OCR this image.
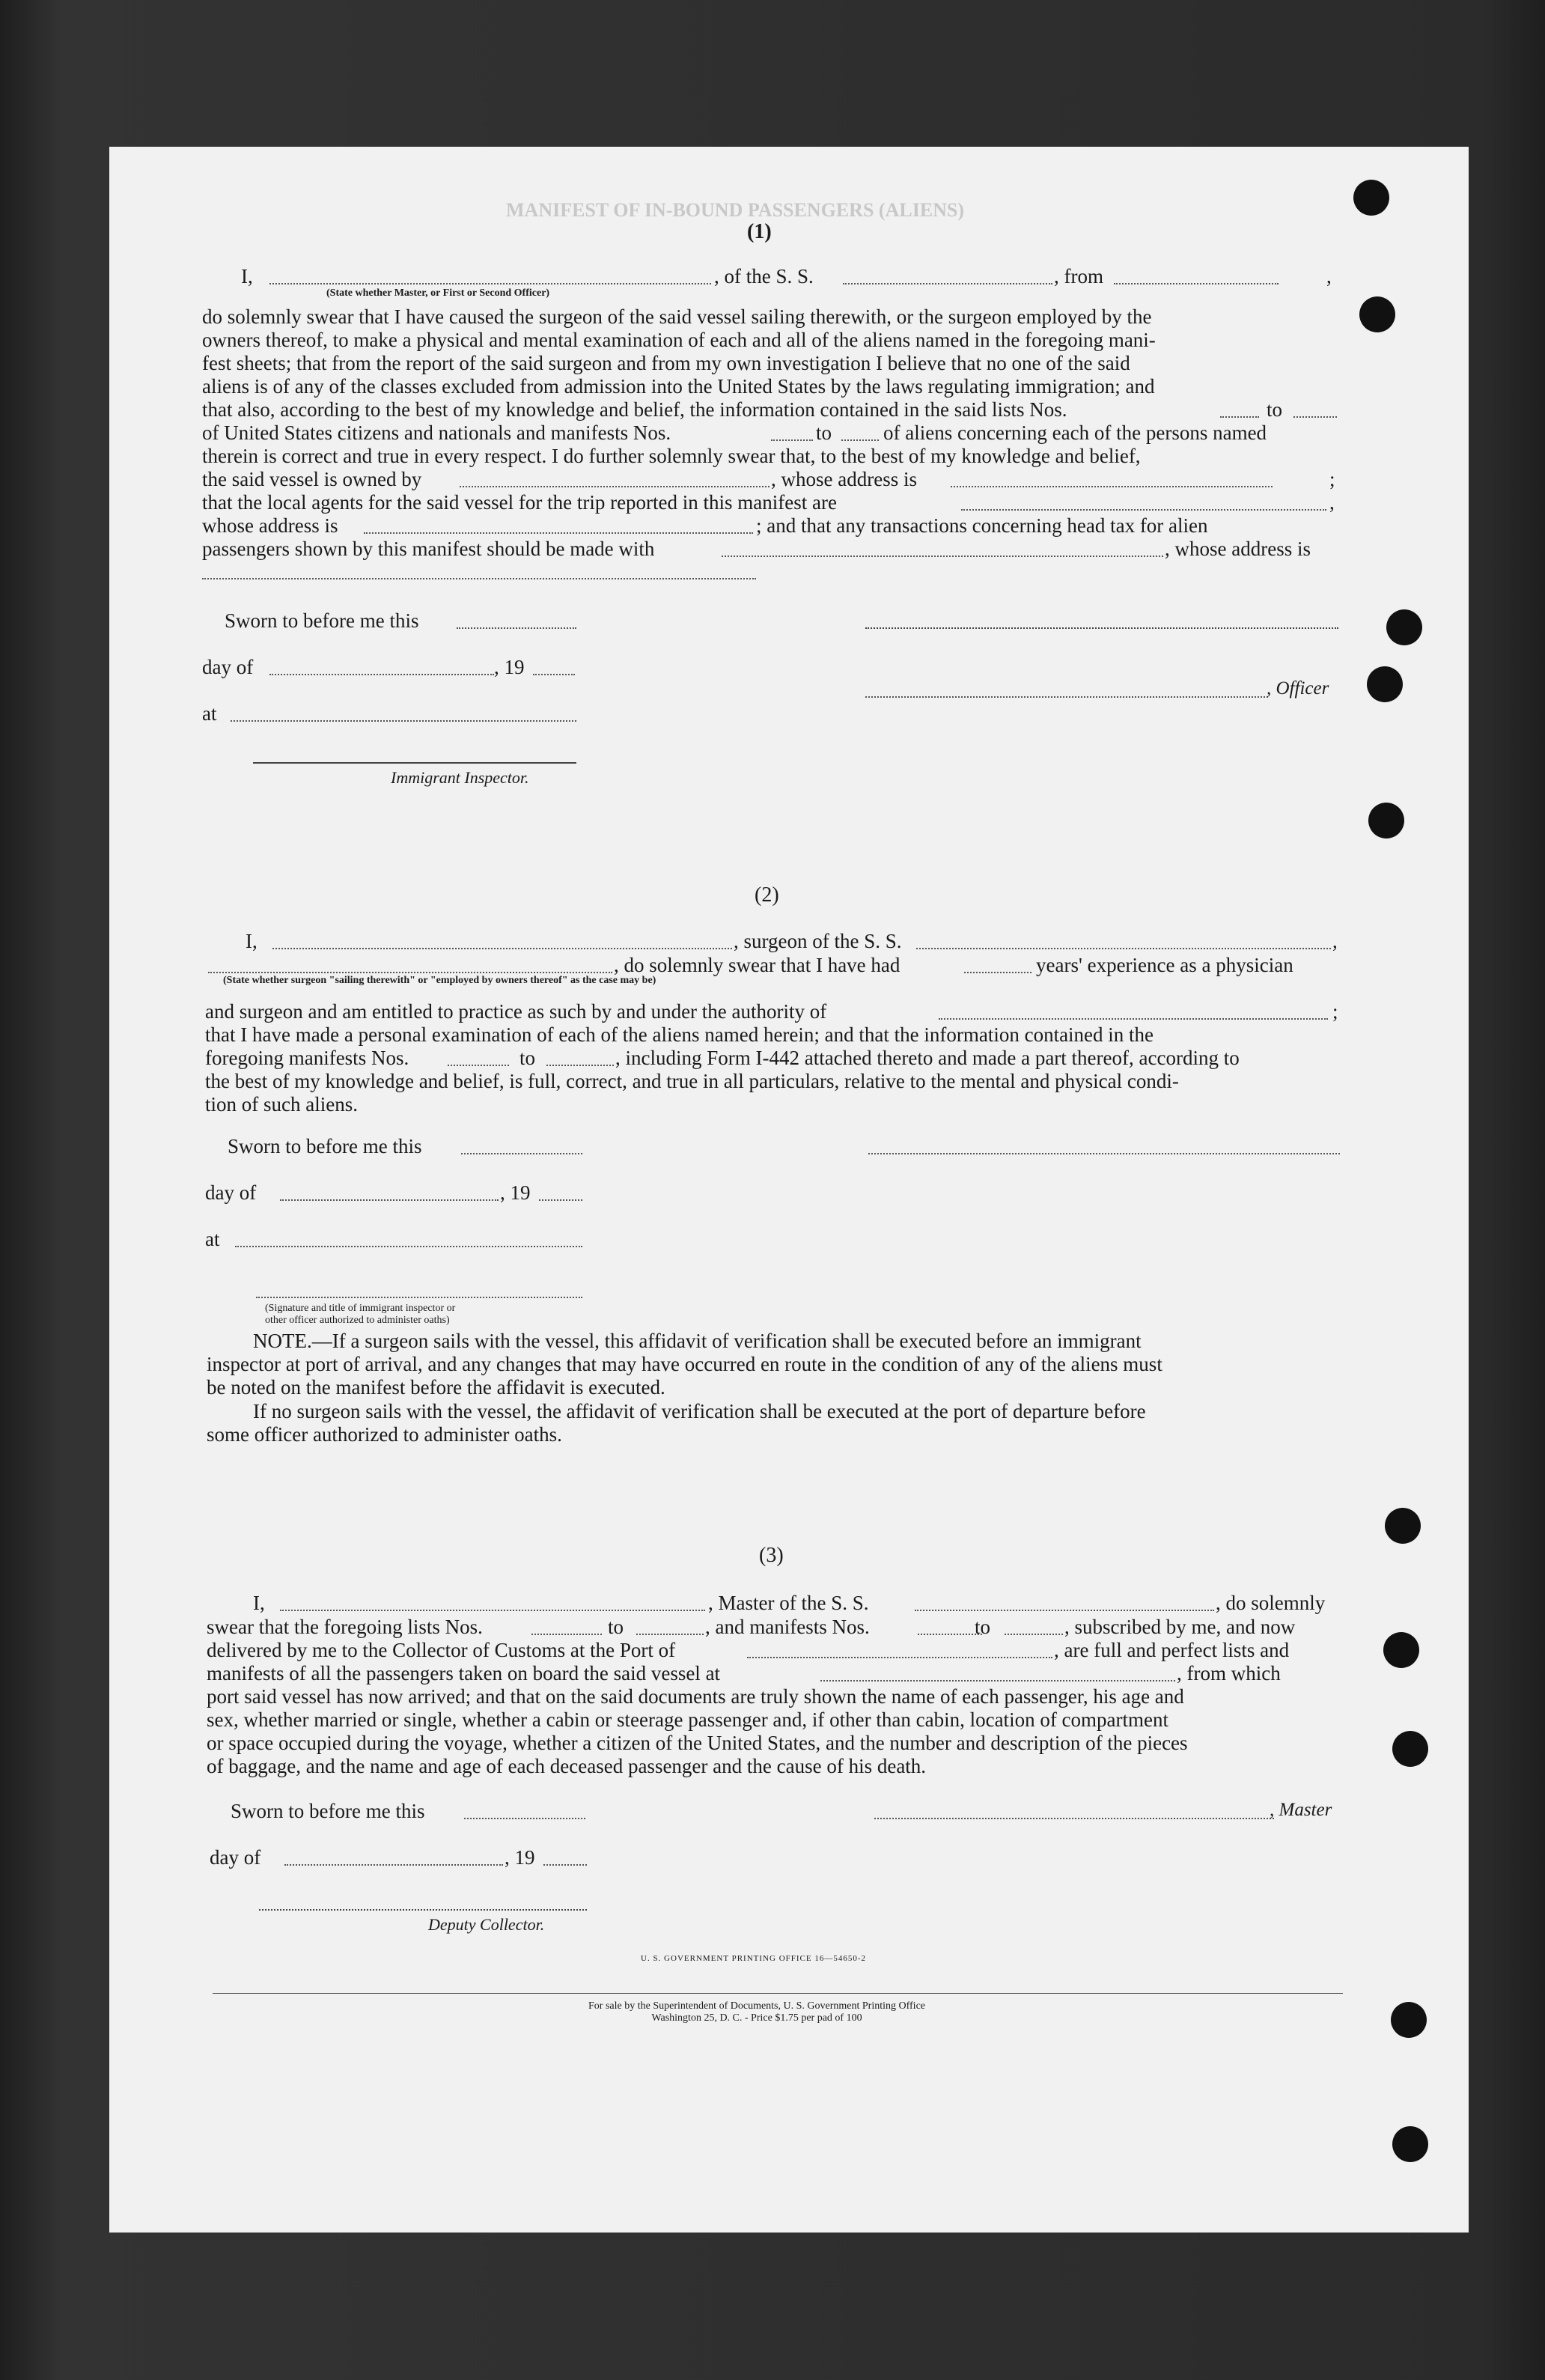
MANIFEST OF IN-BOUND PASSENGERS (ALIENS)
(1)
I,	, of the S. S.	, from	,
(State whether Master, or First or Second Officer)
do solemnly swear that I have caused the surgeon of the said vessel sailing therewith, or the surgeon employed by the
owners thereof, to make a physical and mental examination of each and all of the aliens named in the foregoing mani-
fest sheets; that from the report of the said surgeon and from my own investigation I believe that no one of the said
aliens is of any of the classes excluded from admission into the United States by the laws regulating immigration; and
that also, according to the best of my knowledge and belief, the information contained in the said lists Nos.	to
of United States citizens and nationals and manifests Nos.	to	of aliens concerning each of the persons named
therein is correct and true in every respect. I do further solemnly swear that, to the best of my knowledge and belief,
the said vessel is owned by	, whose address is	;
that the local agents for the said vessel for the trip reported in this manifest are	,
whose address is	; and that any transactions concerning head tax for alien
passengers shown by this manifest should be made with	, whose address is
Sworn to before me this
day of	, 19
, Officer
at
Immigrant Inspector.
(2)
I,	, surgeon of the S. S.	,
, do solemnly swear that I have had	years' experience as a physician
(State whether surgeon "sailing therewith" or "employed by owners thereof" as the case may be)
and surgeon and am entitled to practice as such by and under the authority of	;
that I have made a personal examination of each of the aliens named herein; and that the information contained in the
foregoing manifests Nos.	to	, including Form I-442 attached thereto and made a part thereof, according to
the best of my knowledge and belief, is full, correct, and true in all particulars, relative to the mental and physical condi-
tion of such aliens.
Sworn to before me this
day of	, 19
at
(Signature and title of immigrant inspector or
other officer authorized to administer oaths)
NOTE.—If a surgeon sails with the vessel, this affidavit of verification shall be executed before an immigrant
inspector at port of arrival, and any changes that may have occurred en route in the condition of any of the aliens must
be noted on the manifest before the affidavit is executed.
If no surgeon sails with the vessel, the affidavit of verification shall be executed at the port of departure before
some officer authorized to administer oaths.
(3)
I,	, Master of the S. S.	, do solemnly
swear that the foregoing lists Nos.	to	, and manifests Nos.	to	, subscribed by me, and now
delivered by me to the Collector of Customs at the Port of	, are full and perfect lists and
manifests of all the passengers taken on board the said vessel at	, from which
port said vessel has now arrived; and that on the said documents are truly shown the name of each passenger, his age and
sex, whether married or single, whether a cabin or steerage passenger and, if other than cabin, location of compartment
or space occupied during the voyage, whether a citizen of the United States, and the number and description of the pieces
of baggage, and the name and age of each deceased passenger and the cause of his death.
Sworn to before me this	, Master
day of	, 19
Deputy Collector.
U. S. GOVERNMENT PRINTING OFFICE 16—54650-2
For sale by the Superintendent of Documents, U. S. Government Printing Office
Washington 25, D. C. - Price $1.75 per pad of 100
